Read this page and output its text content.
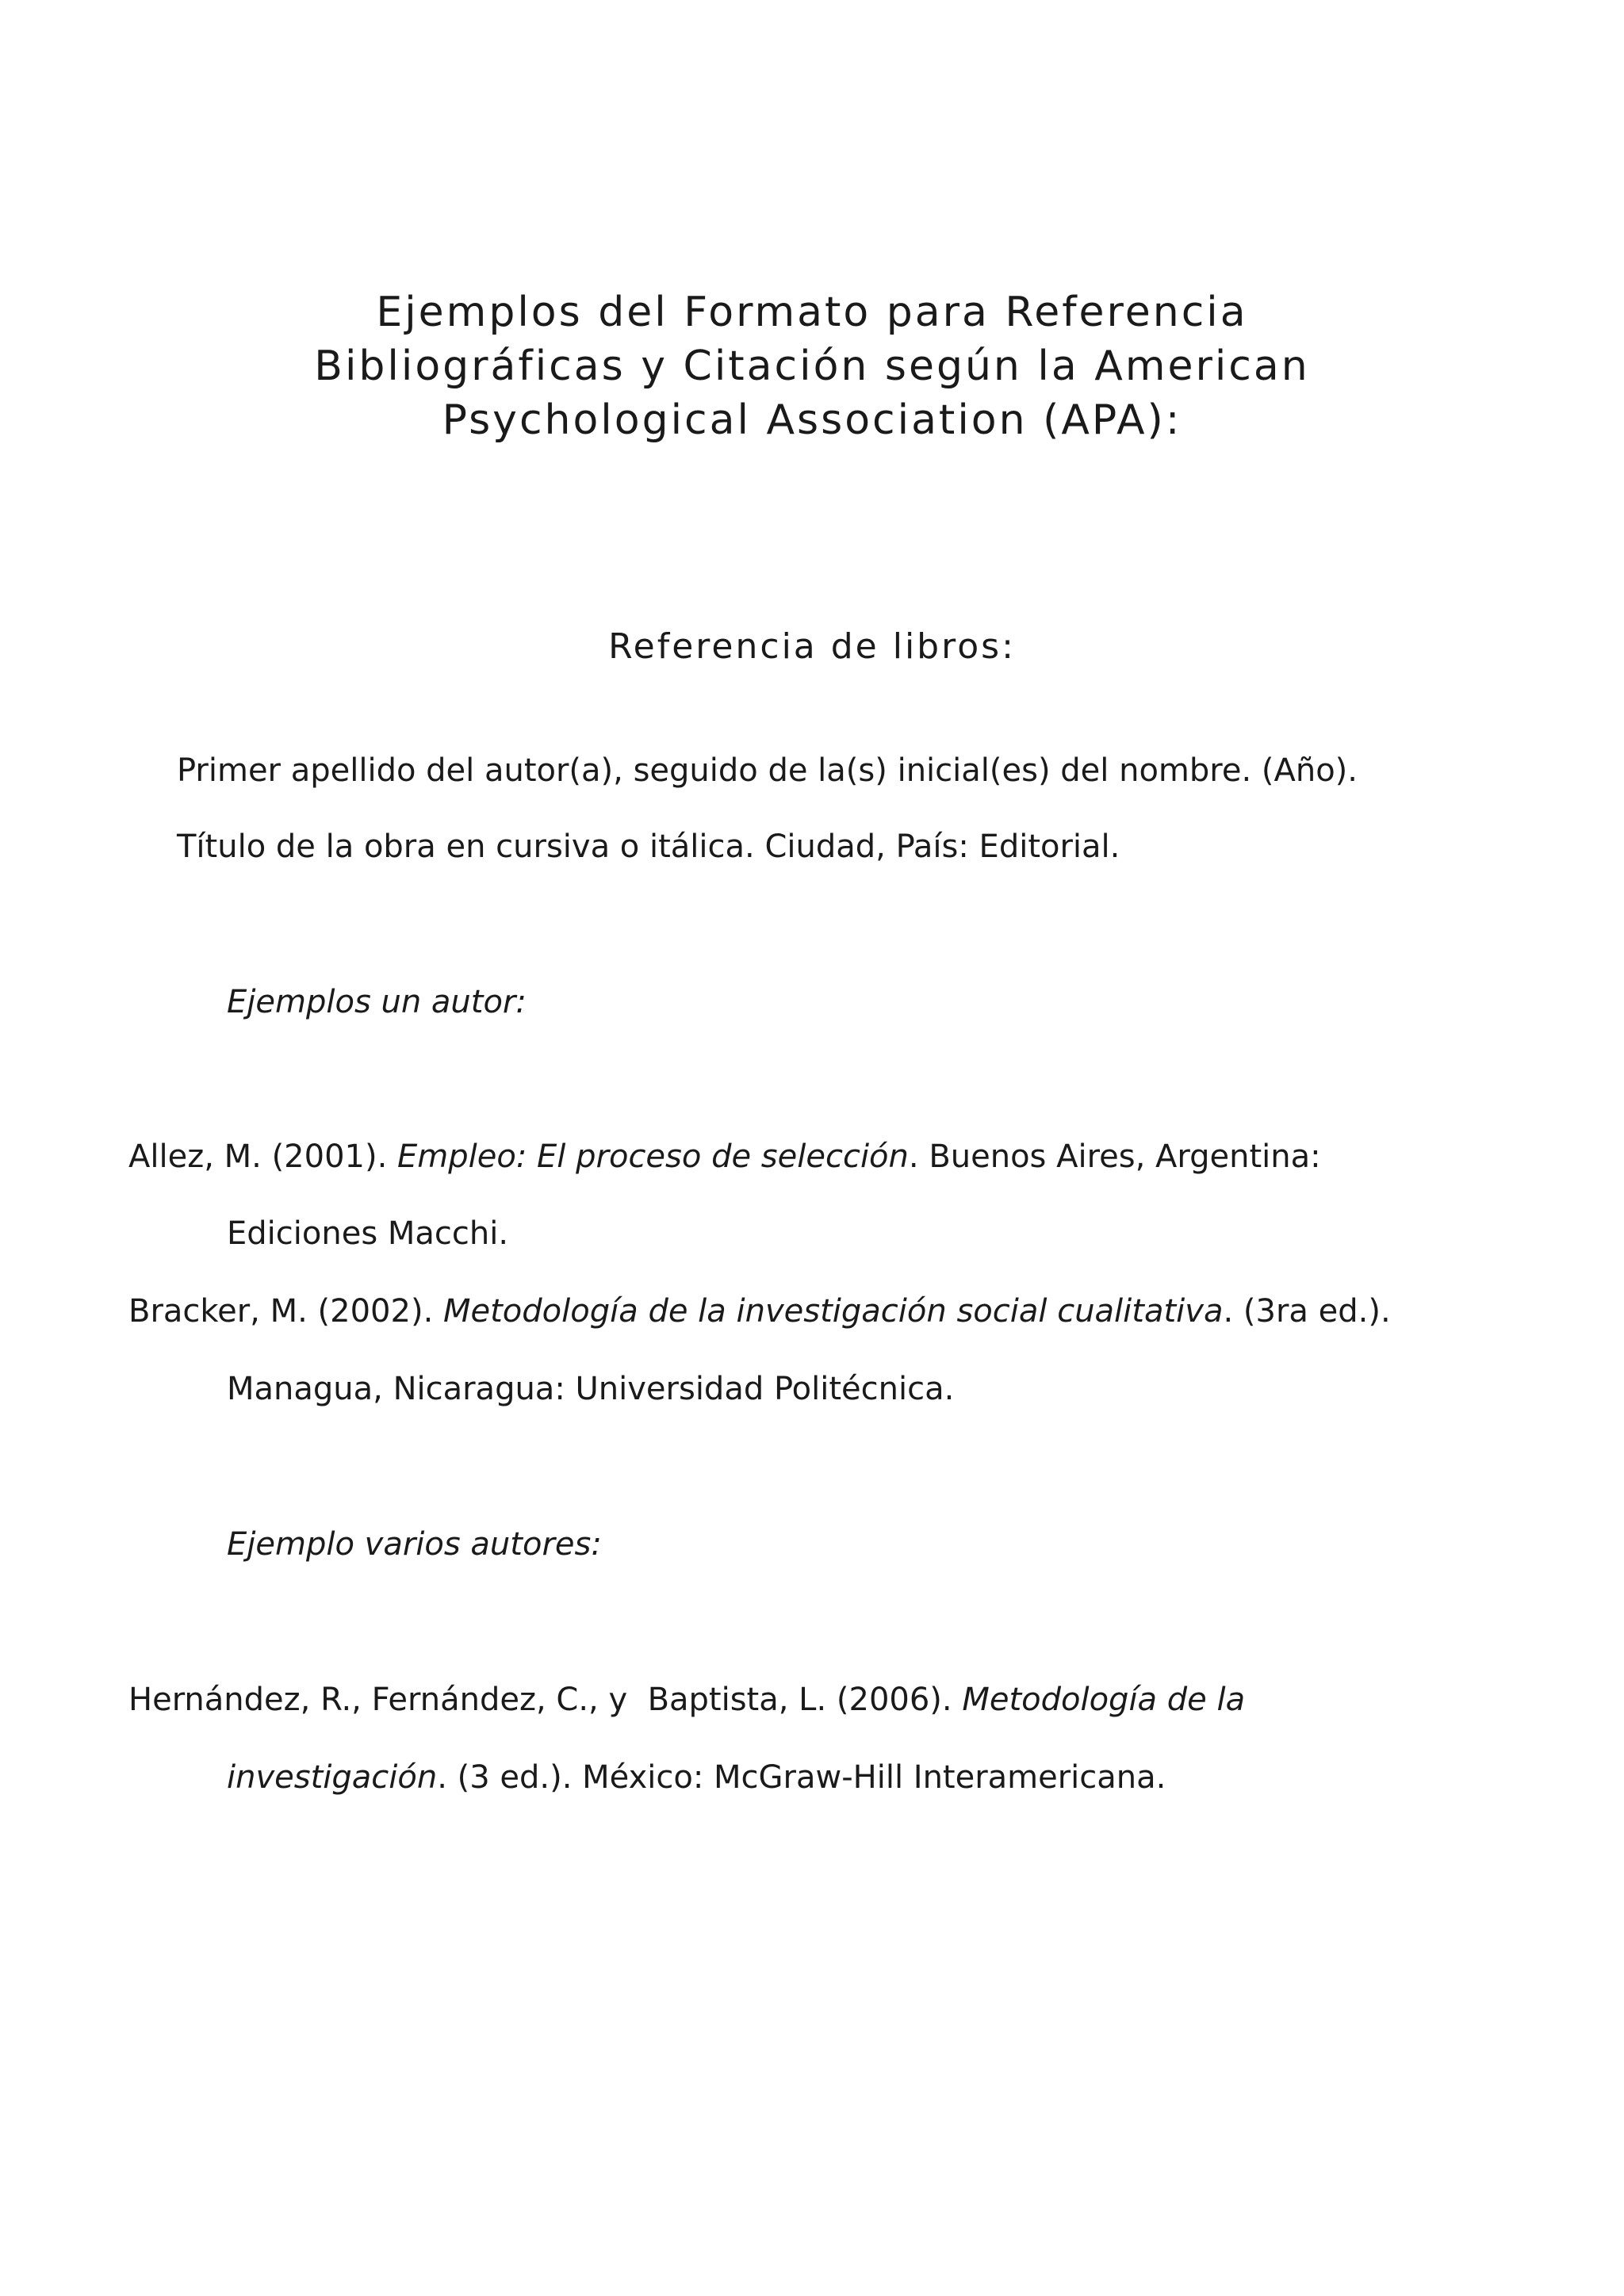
Ejemplos del Formato para Referencia
Bibliográficas y Citación según la American
Psychological Association (APA):
Referencia de libros:
Primer apellido del autor(a), seguido de la(s) inicial(es) del nombre. (Año).
Título de la obra en cursiva o itálica. Ciudad, País: Editorial.
Ejemplos un autor:
Allez, M. (2001). Empleo: El proceso de selección. Buenos Aires, Argentina:
Ediciones Macchi.
Bracker, M. (2002). Metodología de la investigación social cualitativa. (3ra ed.).
Managua, Nicaragua: Universidad Politécnica.
Ejemplo varios autores:
Hernández, R., Fernández, C., y  Baptista, L. (2006). Metodología de la
investigación. (3 ed.). México: McGraw-Hill Interamericana.
